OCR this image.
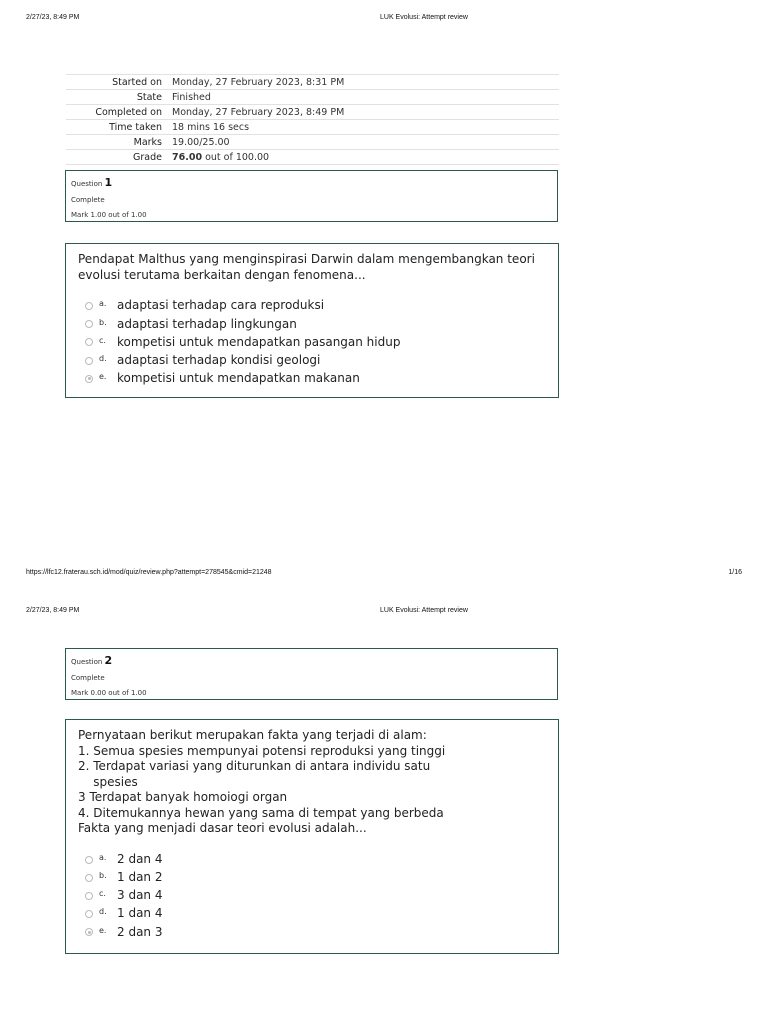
2/27/23, 8:49 PM	LUK Evolusi: Attempt review
Started on	Monday, 27 February 2023, 8:31 PM
State	Finished
Completed on	Monday, 27 February 2023, 8:49 PM
Time taken	18 mins 16 secs
Marks	19.00/25.00
Grade	76.00 out of 100.00
Question 1
Complete
Mark 1.00 out of 1.00

Pendapat Malthus yang menginspirasi Darwin dalam mengembangkan teori

evolusi terutama berkaitan dengan fenomena...

a. adaptasi terhadap cara reproduksi
b. adaptasi terhadap lingkungan
c. kompetisi untuk mendapatkan pasangan hidup
d. adaptasi terhadap kondisi geologi
e. kompetisi untuk mendapatkan makanan
https://lfc12.fraterau.sch.id/mod/quiz/review.php?attempt=278545&cmid=21248	1/16
2/27/23, 8:49 PM	LUK Evolusi: Attempt review
Question 2
Complete
Mark 0.00 out of 1.00

Pernyataan berikut merupakan fakta yang terjadi di alam:

1. Semua spesies mempunyai potensi reproduksi yang tinggi

2. Terdapat variasi yang diturunkan di antara individu satu

spesies

3 Terdapat banyak homoiogi organ

4. Ditemukannya hewan yang sama di tempat yang berbeda

Fakta yang menjadi dasar teori evolusi adalah...

a. 2 dan 4
b. 1 dan 2
c. 3 dan 4
d. 1 dan 4
e. 2 dan 3
